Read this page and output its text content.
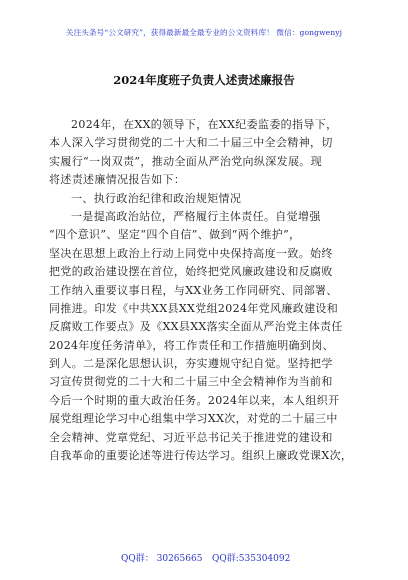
关注头条号“公文研究”，获得最新最全最专业的公文资料库！ 微信：gongwenyj
2024年度班子负责人述责述廉报告
2024年，在XX的领导下，在XX纪委监委的指导下，
本人深入学习贯彻党的二十大和二十届三中全会精神，切
实履行“一岗双责”，推动全面从严治党向纵深发展。现
将述责述廉情况报告如下：
一、执行政治纪律和政治规矩情况
一是提高政治站位，严格履行主体责任。自觉增强
“四个意识”、坚定“四个自信”、做到“两个维护”，
坚决在思想上政治上行动上同党中央保持高度一致。始终
把党的政治建设摆在首位，始终把党风廉政建设和反腐败
工作纳入重要议事日程，与XX业务工作同研究、同部署、
同推进。印发《中共XX县XX党组2024年党风廉政建设和
反腐败工作要点》及《XX县XX落实全面从严治党主体责任
2024年度任务清单》，将工作责任和工作措施明确到岗、
到人。二是深化思想认识，夯实遵规守纪自觉。坚持把学
习宣传贯彻党的二十大和二十届三中全会精神作为当前和
今后一个时期的重大政治任务。2024年以来，本人组织开
展党组理论学习中心组集中学习XX次，对党的二十届三中
全会精神、党章党纪、习近平总书记关于推进党的建设和
自我革命的重要论述等进行传达学习。组织上廉政党课X次，
QQ群： 30265665 QQ群:535304092
